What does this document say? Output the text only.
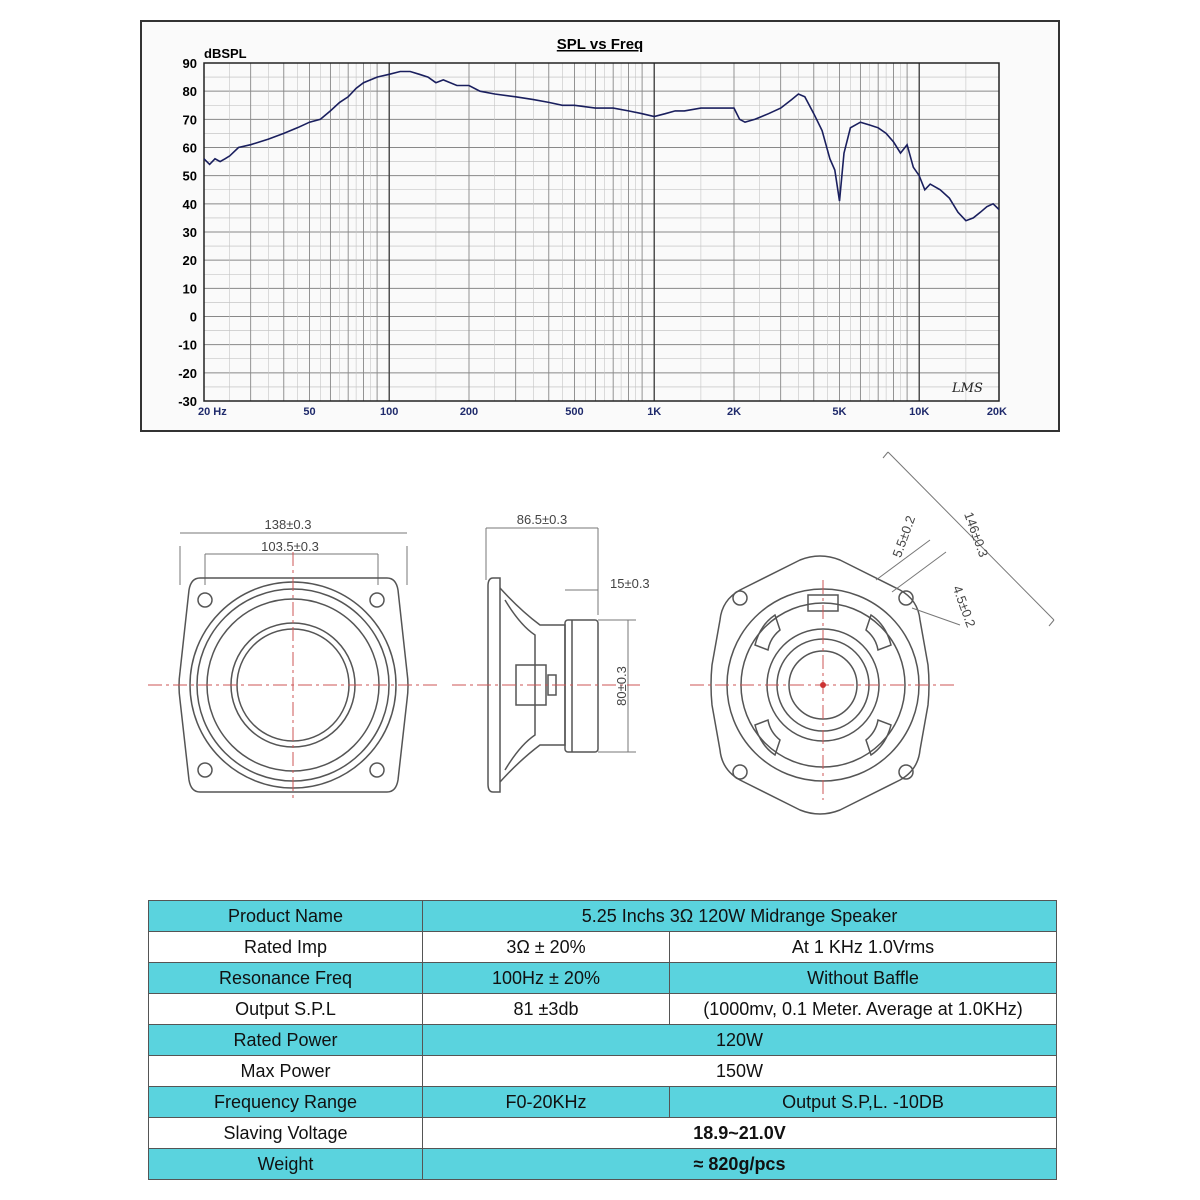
SPL vs Freq
dBSPL
90
80
70
60
50
40
30
20
10
0
-10
-20
-30
20 Hz	50	100	200	500	1K	2K	5K	10K	20K
LMS
138±0.3
103.5±0.3
86.5±0.3
15±0.3
80±0.3
146±0.3
5.5±0.2
4.5±0.2
Product Name	5.25 Inchs 3Ω 120W Midrange Speaker	
Rated Imp	3Ω ± 20%	At 1 KHz 1.0Vrms
Resonance Freq	100Hz ± 20%	Without Baffle
Output S.P.L	81 ±3db	(1000mv, 0.1 Meter. Average at 1.0KHz)
Rated Power	120W	
Max Power	150W	
Frequency Range	F0-20KHz	Output S.P,L. -10DB
Slaving Voltage	18.9~21.0V	
Weight	≈ 820g/pcs	
